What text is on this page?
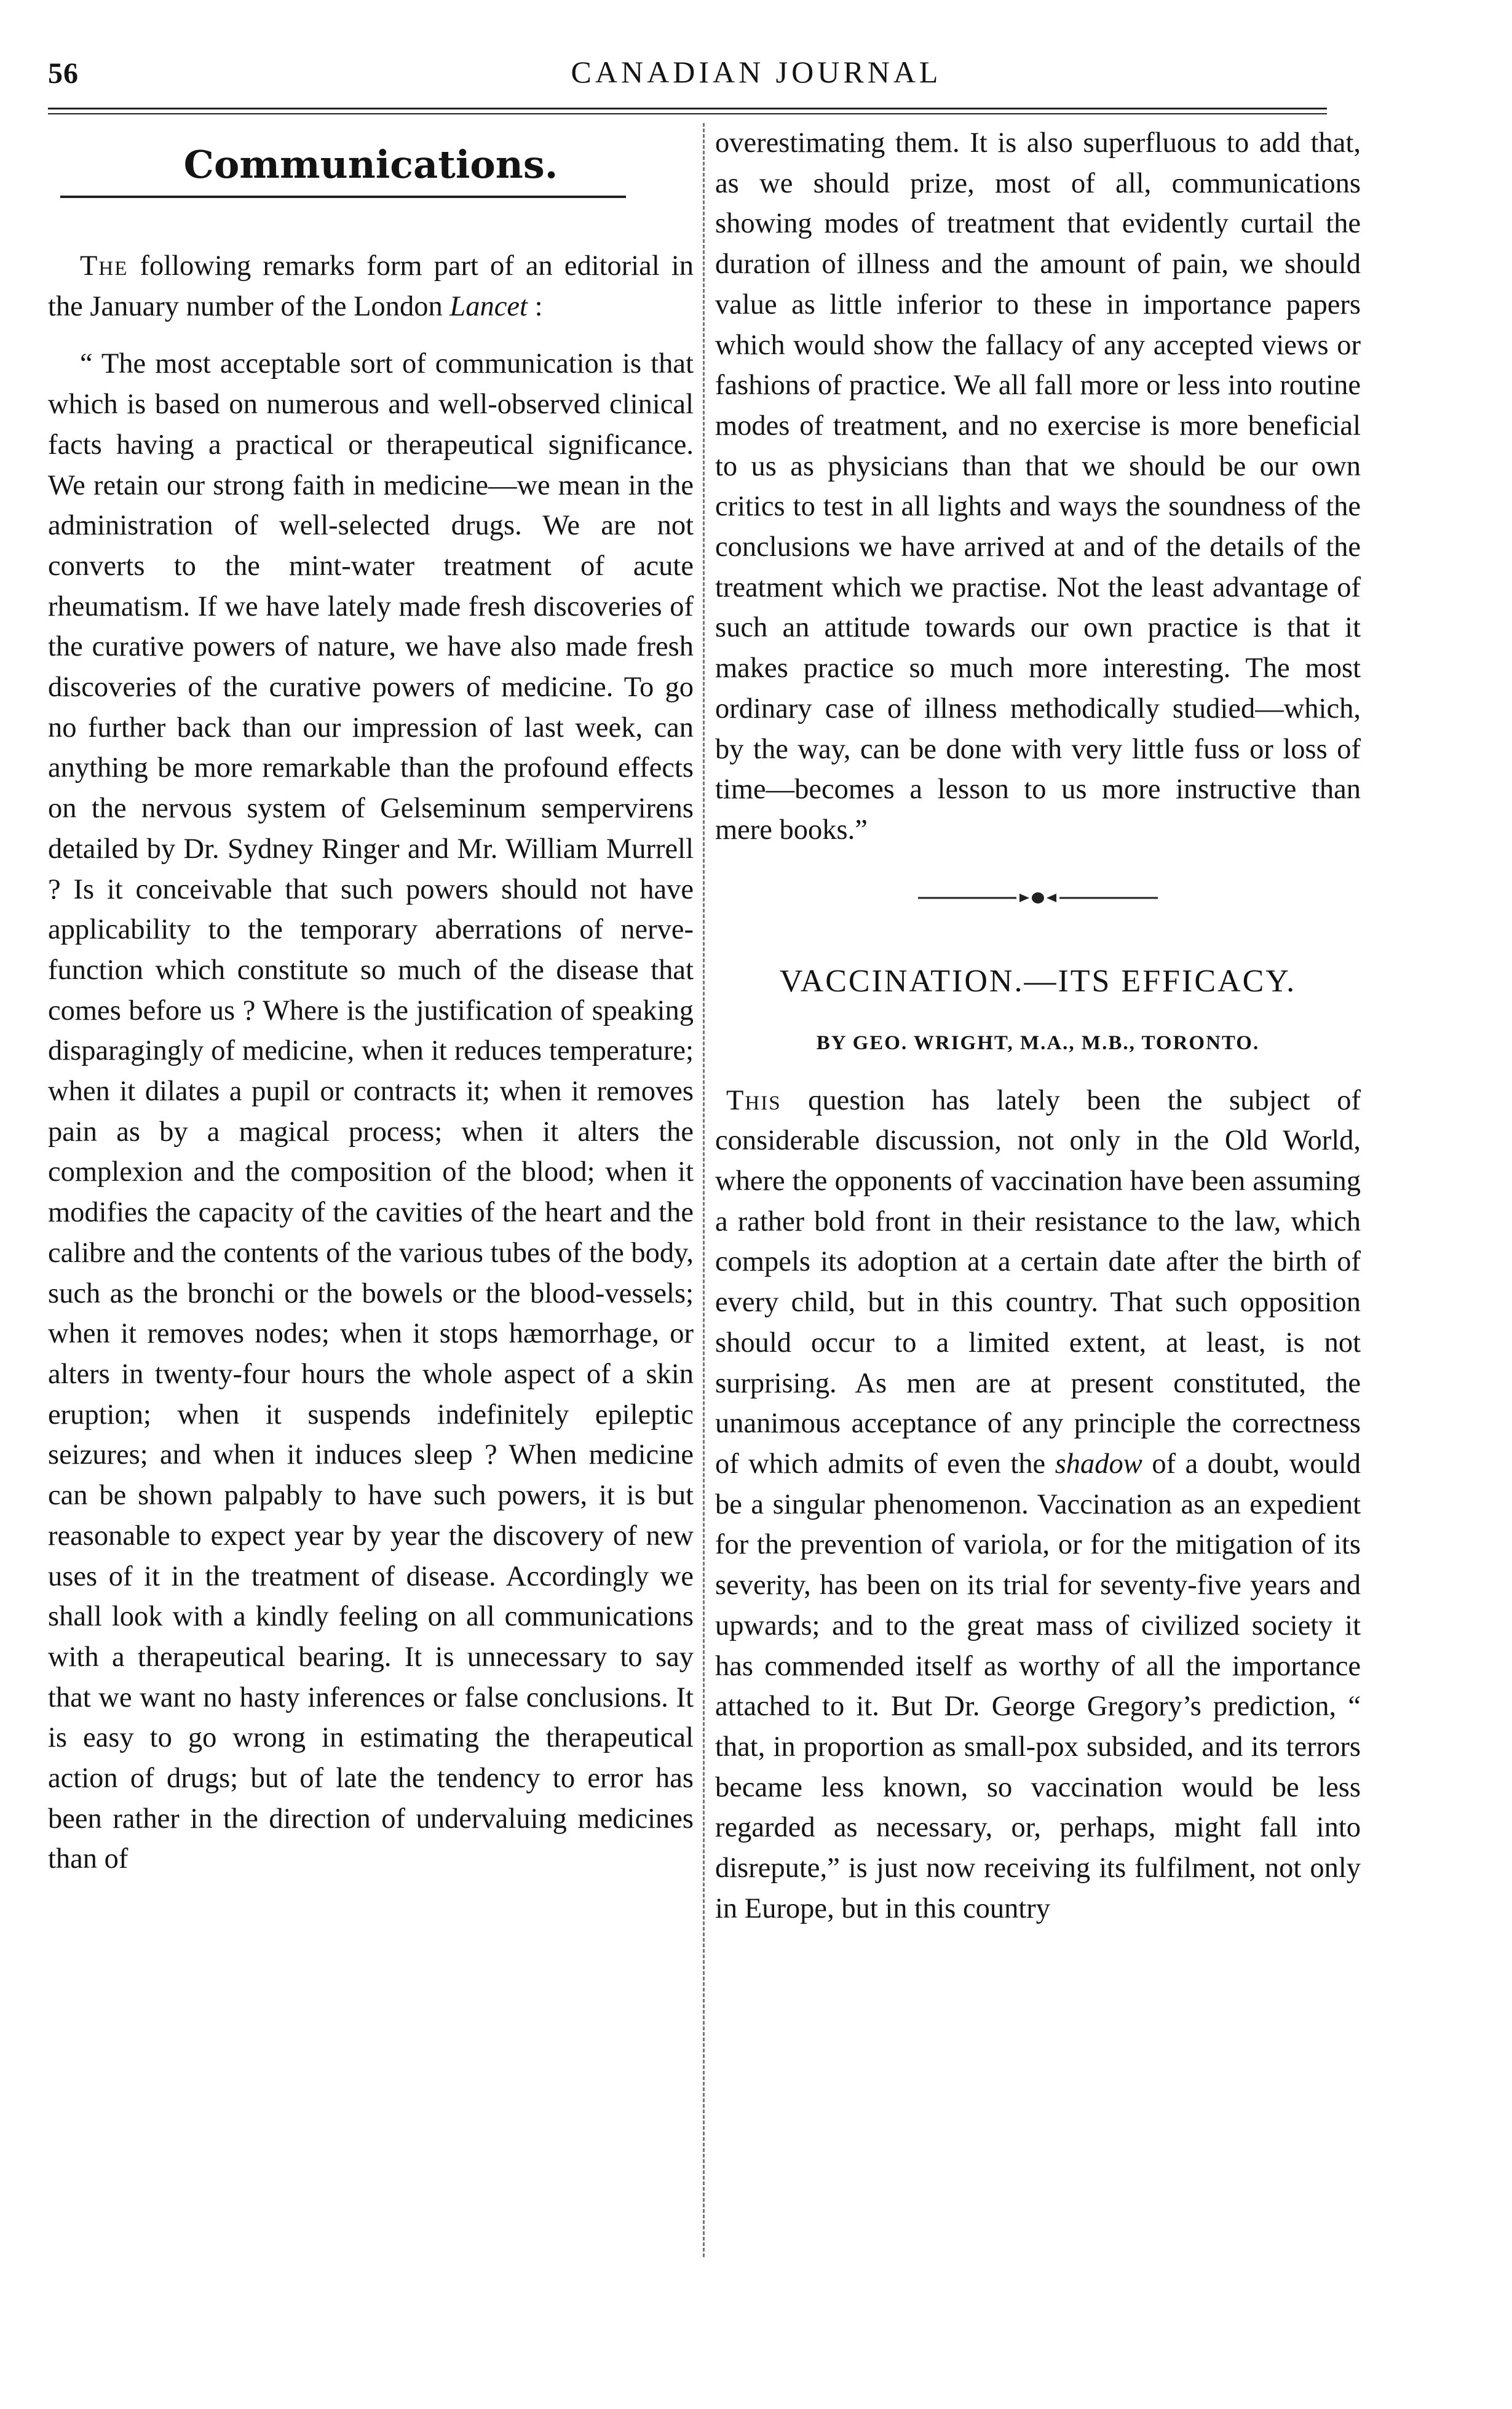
56	CANADIAN JOURNAL
Communications.

The following remarks form part of an editorial in the January number of the London Lancet :

“ The most acceptable sort of communication is that which is based on numerous and well-observed clinical facts having a practical or therapeutical significance. We retain our strong faith in medicine—we mean in the administration of well-selected drugs. We are not converts to the mint-water treatment of acute rheumatism. If we have lately made fresh discoveries of the curative powers of nature, we have also made fresh discoveries of the curative powers of medicine. To go no further back than our impression of last week, can anything be more remarkable than the profound effects on the nervous system of Gelseminum sempervirens detailed by Dr. Sydney Ringer and Mr. William Murrell ? Is it conceivable that such powers should not have applicability to the temporary aberrations of nerve-function which constitute so much of the disease that comes before us ? Where is the justification of speaking disparagingly of medicine, when it reduces temperature; when it dilates a pupil or contracts it; when it removes pain as by a magical process; when it alters the complexion and the composition of the blood; when it modifies the capacity of the cavities of the heart and the calibre and the contents of the various tubes of the body, such as the bronchi or the bowels or the blood-vessels; when it removes nodes; when it stops hæmorrhage, or alters in twenty-four hours the whole aspect of a skin eruption; when it suspends indefinitely epileptic seizures; and when it induces sleep ? When medicine can be shown palpably to have such powers, it is but reasonable to expect year by year the discovery of new uses of it in the treatment of disease. Accordingly we shall look with a kindly feeling on all communications with a therapeutical bearing. It is unnecessary to say that we want no hasty inferences or false conclusions. It is easy to go wrong in estimating the therapeutical action of drugs; but of late the tendency to error has been rather in the direction of undervaluing medicines than of

overestimating them. It is also superfluous to add that, as we should prize, most of all, communications showing modes of treatment that evidently curtail the duration of illness and the amount of pain, we should value as little inferior to these in importance papers which would show the fallacy of any accepted views or fashions of practice. We all fall more or less into routine modes of treatment, and no exercise is more beneficial to us as physicians than that we should be our own critics to test in all lights and ways the soundness of the conclusions we have arrived at and of the details of the treatment which we practise. Not the least advantage of such an attitude towards our own practice is that it makes practice so much more interesting. The most ordinary case of illness methodically studied—which, by the way, can be done with very little fuss or loss of time—becomes a lesson to us more instructive than mere books.”

VACCINATION.—ITS EFFICACY.
BY GEO. WRIGHT, M.A., M.B., TORONTO.

This question has lately been the subject of considerable discussion, not only in the Old World, where the opponents of vaccination have been assuming a rather bold front in their resistance to the law, which compels its adoption at a certain date after the birth of every child, but in this country. That such opposition should occur to a limited extent, at least, is not surprising. As men are at present constituted, the unanimous acceptance of any principle the correctness of which admits of even the shadow of a doubt, would be a singular phenomenon. Vaccination as an expedient for the prevention of variola, or for the mitigation of its severity, has been on its trial for seventy-five years and upwards; and to the great mass of civilized society it has commended itself as worthy of all the importance attached to it. But Dr. George Gregory’s prediction, “ that, in proportion as small-pox subsided, and its terrors became less known, so vaccination would be less regarded as necessary, or, perhaps, might fall into disrepute,” is just now receiving its fulfilment, not only in Europe, but in this country
